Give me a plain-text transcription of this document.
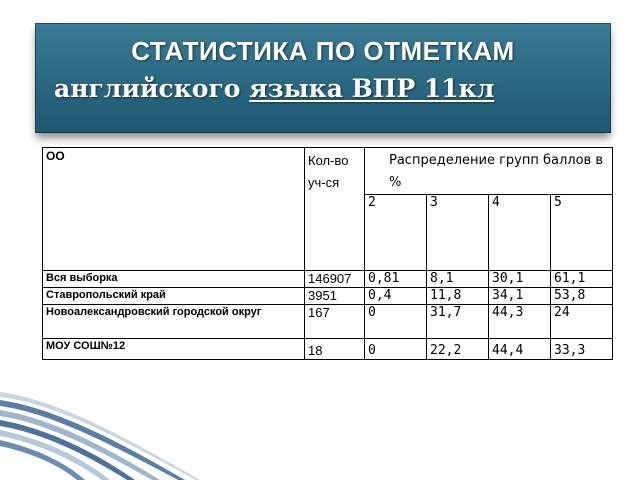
СТАТИСТИКА ПО ОТМЕТКАМ
английского языка ВПР 11кл
ОО	Кол-во уч-ся	Распределение групп баллов в %			
		2	3	4	5
Вся выборка	146907	0,81	8,1	30,1	61,1
Ставропольский край	3951	0,4	11,8	34,1	53,8
Новоалександровский городской округ	167	0	31,7	44,3	24
МОУ СОШ№12	18	0	22,2	44,4	33,3
